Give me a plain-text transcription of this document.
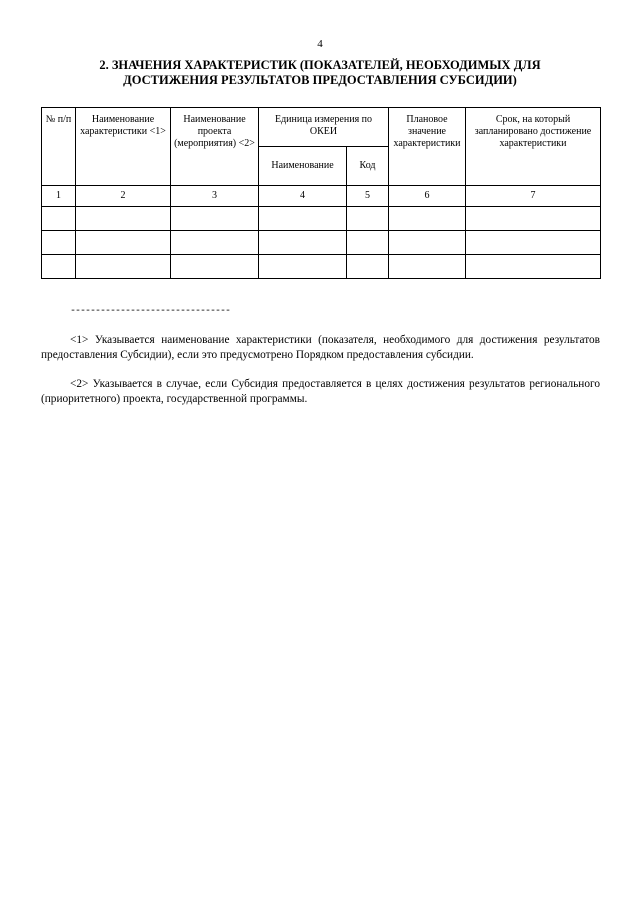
4
2. ЗНАЧЕНИЯ ХАРАКТЕРИСТИК (ПОКАЗАТЕЛЕЙ, НЕОБХОДИМЫХ ДЛЯ
ДОСТИЖЕНИЯ РЕЗУЛЬТАТОВ ПРЕДОСТАВЛЕНИЯ СУБСИДИИ)
№ п/п	Наименование характеристики <1>	Наименование проекта (мероприятия) <2>	Единица измерения по ОКЕИ		Плановое значение характеристики	Срок, на который запланировано достижение характеристики
			Наименование	Код		
1	2	3	4	5	6	7

--------------------------------

<1> Указывается наименование характеристики (показателя, необходимого для достижения результатов предоставления Субсидии), если это предусмотрено Порядком предоставления субсидии.

<2> Указывается в случае, если Субсидия предоставляется в целях достижения результатов регионального (приоритетного) проекта, государственной программы.
